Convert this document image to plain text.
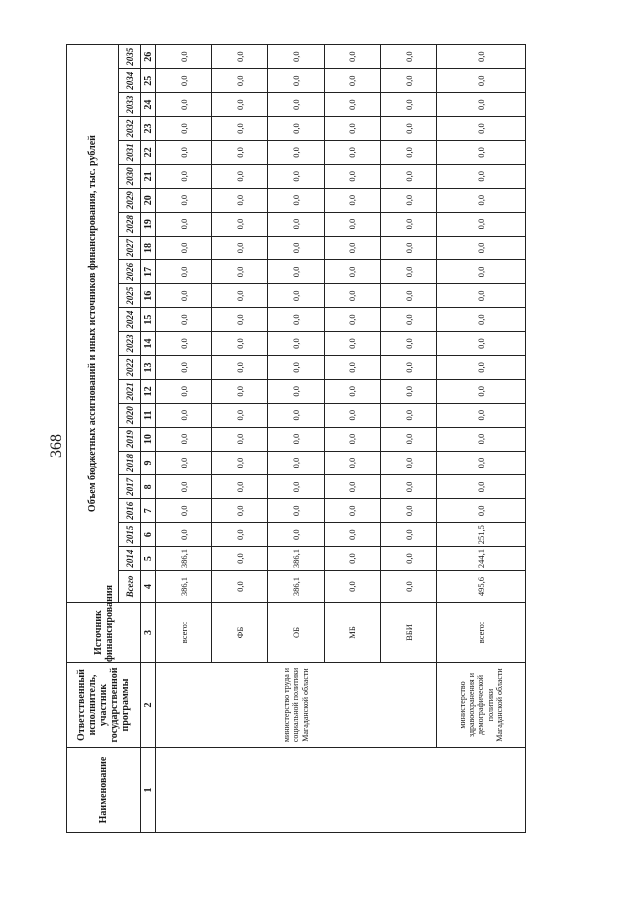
368
Наименование	Ответственный исполнитель, участник государственной программы	Источник финансирования	Объем бюджетных ассигнований и иных источников финансирования, тыс. рублей																						
			Всего	2014	2015	2016	2017	2018	2019	2020	2021	2022	2023	2024	2025	2026	2027	2028	2029	2030	2031	2032	2033	2034	2035
1	2	3	4	5	6	7	8	9	10	11	12	13	14	15	16	17	18	19	20	21	22	23	24	25	26

	министерство труда и социальной политики Магаданской области	всего:	386,1	386,1	0,0	0,0	0,0	0,0	0,0	0,0	0,0	0,0	0,0	0,0	0,0	0,0	0,0	0,0	0,0	0,0	0,0	0,0	0,0	0,0	0,0
		ФБ	0,0	0,0	0,0	0,0	0,0	0,0	0,0	0,0	0,0	0,0	0,0	0,0	0,0	0,0	0,0	0,0	0,0	0,0	0,0	0,0	0,0	0,0	0,0
		ОБ	386,1	386,1	0,0	0,0	0,0	0,0	0,0	0,0	0,0	0,0	0,0	0,0	0,0	0,0	0,0	0,0	0,0	0,0	0,0	0,0	0,0	0,0	0,0
		МБ	0,0	0,0	0,0	0,0	0,0	0,0	0,0	0,0	0,0	0,0	0,0	0,0	0,0	0,0	0,0	0,0	0,0	0,0	0,0	0,0	0,0	0,0	0,0
		ВБИ	0,0	0,0	0,0	0,0	0,0	0,0	0,0	0,0	0,0	0,0	0,0	0,0	0,0	0,0	0,0	0,0	0,0	0,0	0,0	0,0	0,0	0,0	0,0

	министерство здравоохранения и демографической политики Магаданской области	всего:	495,6	244,1	251,5	0,0	0,0	0,0	0,0	0,0	0,0	0,0	0,0	0,0	0,0	0,0	0,0	0,0	0,0	0,0	0,0	0,0	0,0	0,0	0,0
